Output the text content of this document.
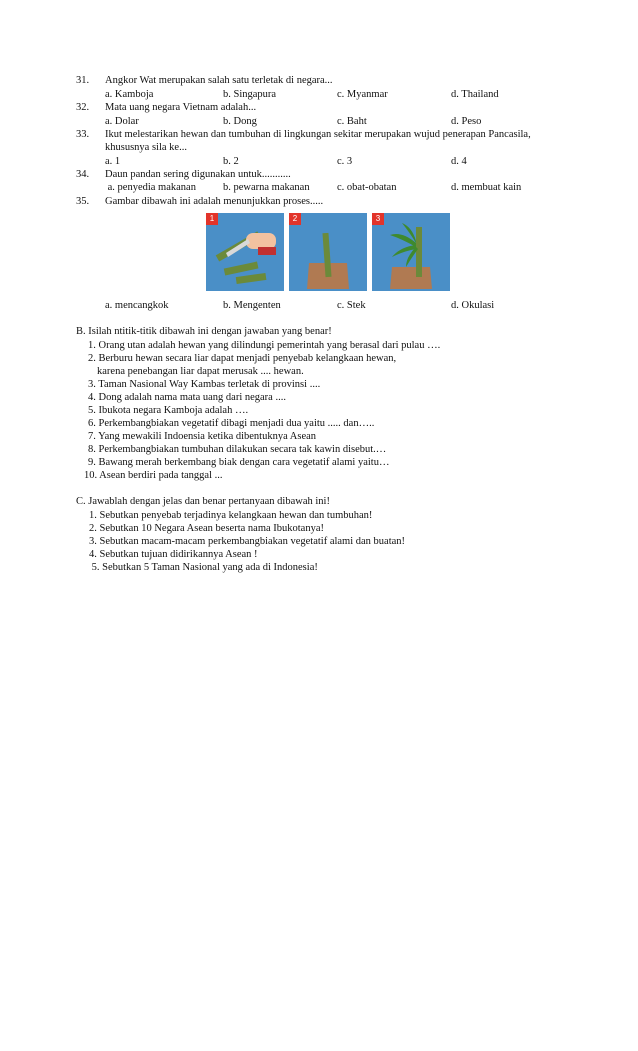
31. Angkor Wat merupakan salah satu terletak di negara...
a. Kamboja	b. Singapura	c. Myanmar	d. Thailand
32. Mata uang negara Vietnam adalah...
a. Dolar	b. Dong	c. Baht	d. Peso
33. Ikut melestarikan hewan dan tumbuhan di lingkungan sekitar merupakan wujud penerapan Pancasila,
khususnya sila ke...
a. 1	b. 2	c. 3	d. 4
34. Daun pandan sering digunakan untuk...........
a. penyedia makanan	b. pewarna makanan	c. obat-obatan	d. membuat kain
35. Gambar dibawah ini adalah menunjukkan proses.....
1	2	3
a. mencangkok	b. Mengenten	c. Stek	d. Okulasi
B. Isilah ntitik-titik dibawah ini dengan jawaban yang benar!
1. Orang utan adalah hewan yang dilindungi pemerintah yang berasal dari pulau ….
2. Berburu hewan secara liar dapat menjadi penyebab kelangkaan hewan,
karena penebangan liar dapat merusak .... hewan.
3. Taman Nasional Way Kambas terletak di provinsi ....
4. Dong adalah nama mata uang dari negara ....
5. Ibukota negara Kamboja adalah ….
6. Perkembangbiakan vegetatif dibagi menjadi dua yaitu ..... dan…..
7. Yang mewakili Indoensia ketika dibentuknya Asean
8. Perkembangbiakan tumbuhan dilakukan secara tak kawin disebut.…
9. Bawang merah berkembang biak dengan cara vegetatif alami yaitu…
10. Asean berdiri pada tanggal ...
C. Jawablah dengan jelas dan benar pertanyaan dibawah ini!
1. Sebutkan penyebab terjadinya kelangkaan hewan dan tumbuhan!
2. Sebutkan 10 Negara Asean beserta nama Ibukotanya!
3. Sebutkan macam-macam perkembangbiakan vegetatif alami dan buatan!
4. Sebutkan tujuan didirikannya Asean !
5. Sebutkan 5 Taman Nasional yang ada di Indonesia!
